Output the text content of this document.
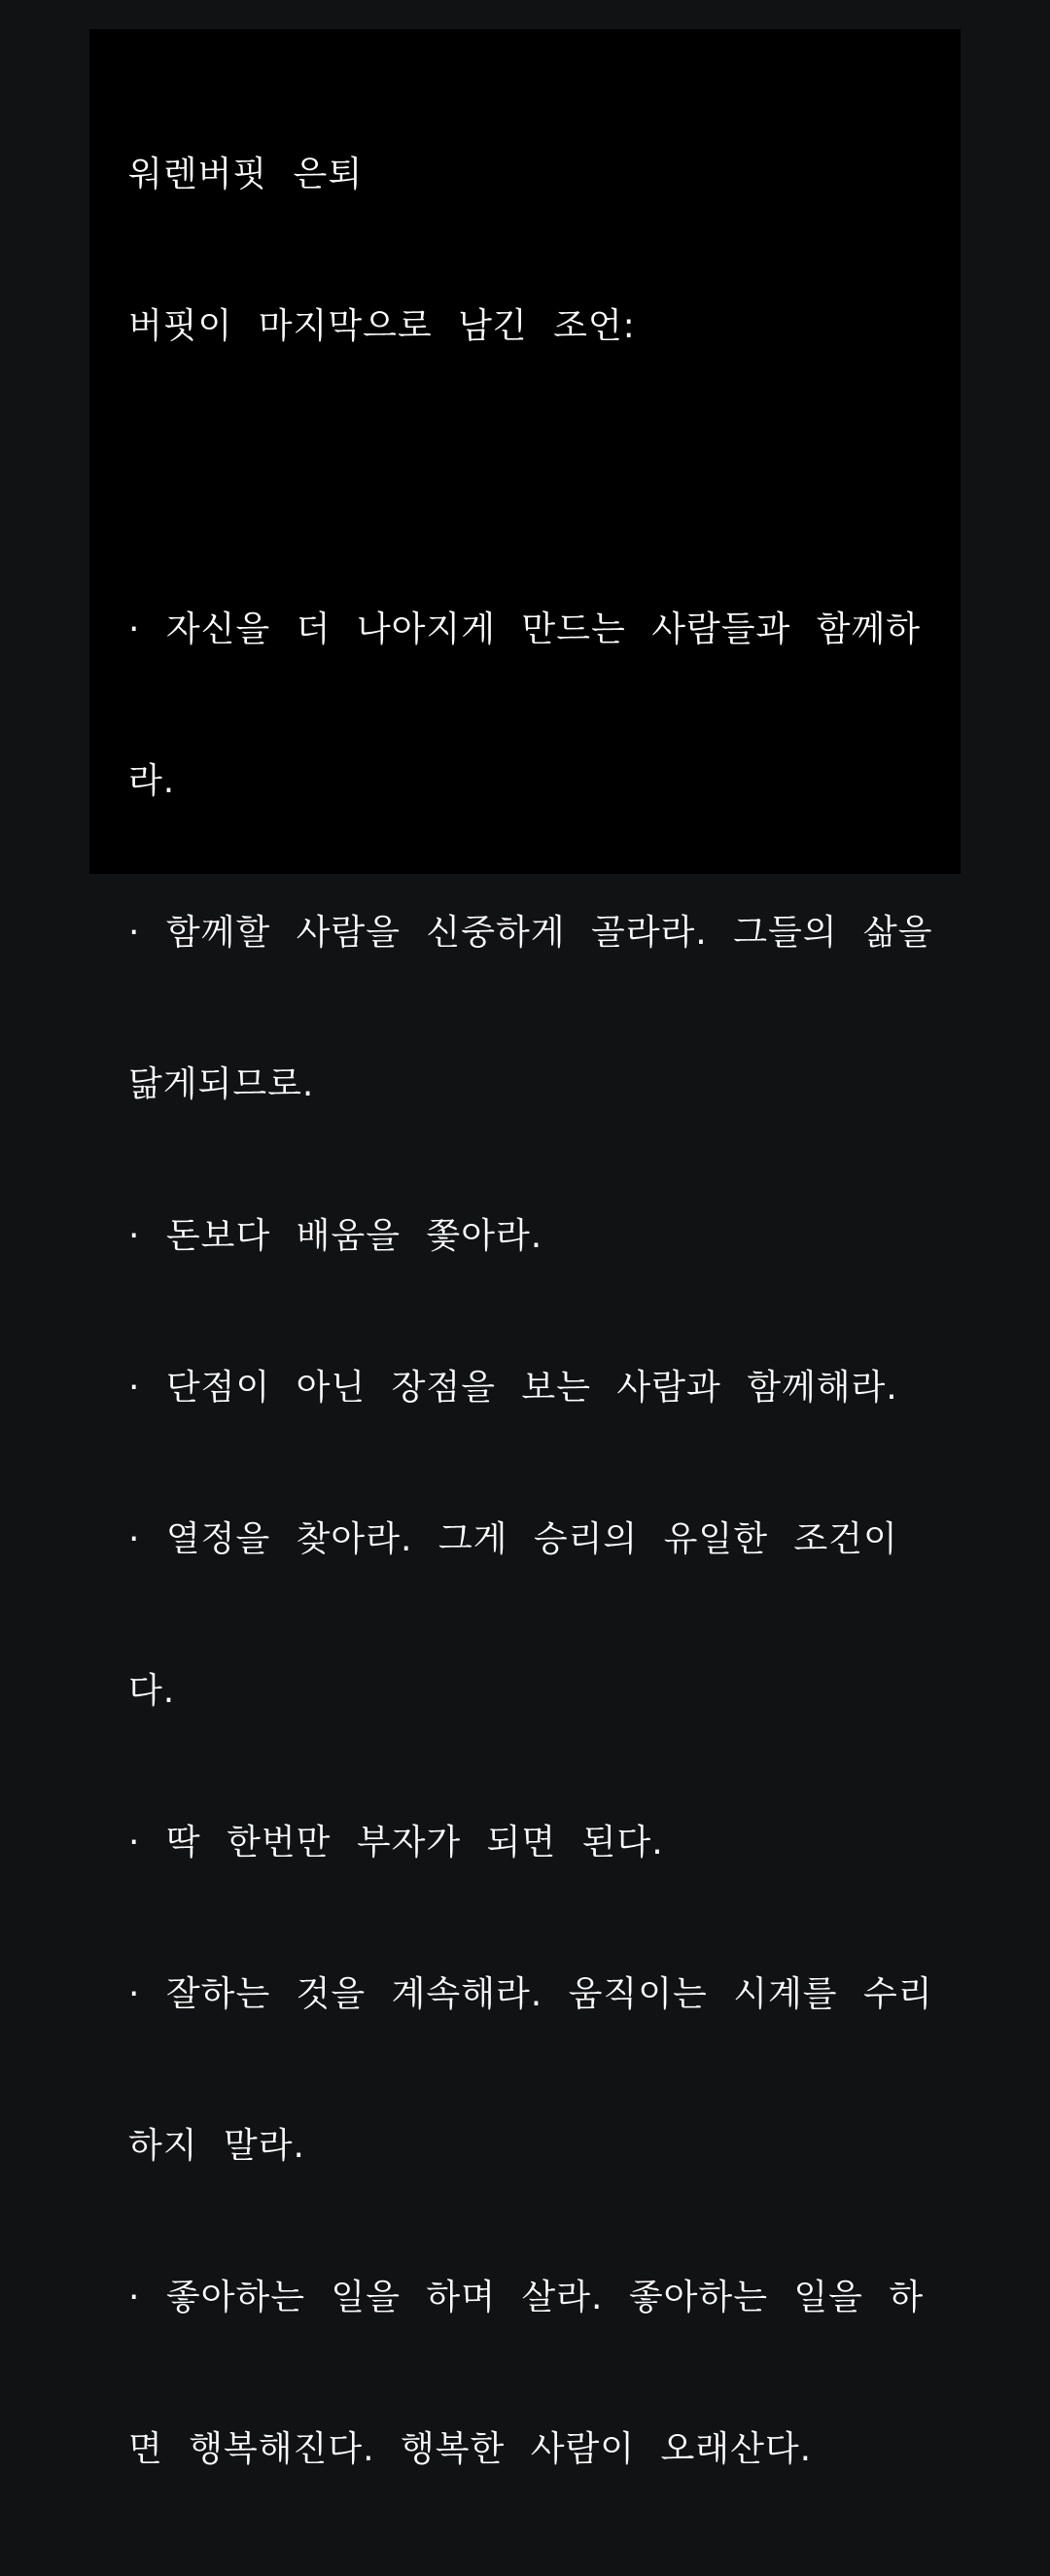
워렌버핏 은퇴

버핏이 마지막으로 남긴 조언:

· 자신을 더 나아지게 만드는 사람들과 함께하

라.

· 함께할 사람을 신중하게 골라라. 그들의 삶을

닮게되므로.

· 돈보다 배움을 쫓아라.

· 단점이 아닌 장점을 보는 사람과 함께해라.

· 열정을 찾아라. 그게 승리의 유일한 조건이

다.

· 딱 한번만 부자가 되면 된다.

· 잘하는 것을 계속해라. 움직이는 시계를 수리

하지 말라.

· 좋아하는 일을 하며 살라. 좋아하는 일을 하

면 행복해진다. 행복한 사람이 오래산다.
